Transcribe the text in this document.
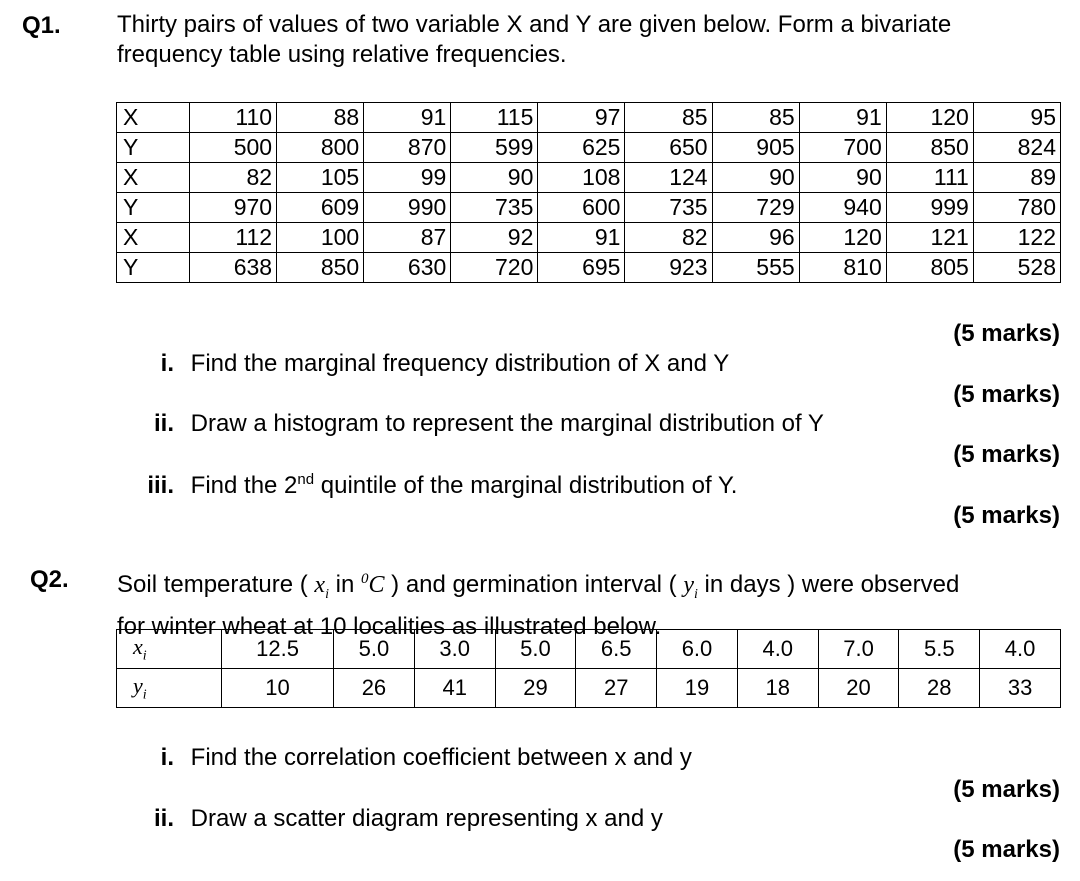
Q1. Thirty pairs of values of two variable X and Y are given below. Form a bivariate
frequency table using relative frequencies.
X	110	88	91	115	97	85	85	91	120	95
Y	500	800	870	599	625	650	905	700	850	824
X	82	105	99	90	108	124	90	90	111	89
Y	970	609	990	735	600	735	729	940	999	780
X	112	100	87	92	91	82	96	120	121	122
Y	638	850	630	720	695	923	555	810	805	528
(5 marks)
i. Find the marginal frequency distribution of X and Y
(5 marks)
ii. Draw a histogram to represent the marginal distribution of Y
(5 marks)
iii. Find the 2nd quintile of the marginal distribution of Y.
(5 marks)
Q2. Soil temperature ( $x_i$ in $^0$C ) and germination interval ( $y_i$ in days ) were observed
for winter wheat at 10 localities as illustrated below.
$x_i$	12.5	5.0	3.0	5.0	6.5	6.0	4.0	7.0	5.5	4.0
$y_i$	10	26	41	29	27	19	18	20	28	33
i. Find the correlation coefficient between x and y
(5 marks)
ii. Draw a scatter diagram representing x and y
(5 marks)
